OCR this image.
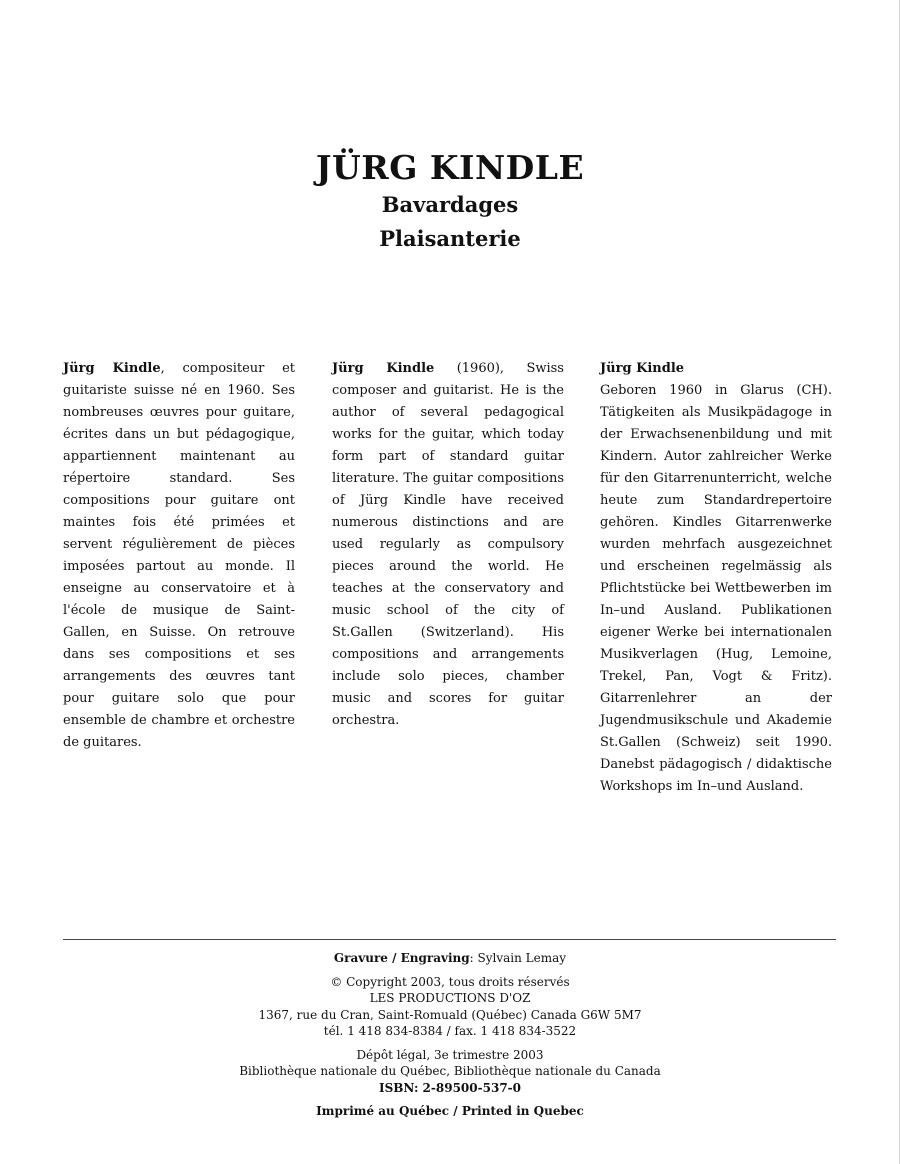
JÜRG KINDLE
Bavardages
Plaisanterie
Jürg Kindle, compositeur et guitariste suisse né en 1960. Ses nombreuses œuvres pour guitare, écrites dans un but pédagogique, appartiennent maintenant au répertoire standard. Ses compositions pour guitare ont maintes fois été primées et servent régulièrement de pièces imposées partout au monde. Il enseigne au conservatoire et à l'école de musique de Saint-Gallen, en Suisse. On retrouve dans ses compositions et ses arrangements des œuvres tant pour guitare solo que pour ensemble de chambre et orchestre de guitares.
Jürg Kindle (1960), Swiss composer and guitarist. He is the author of several pedagogical works for the guitar, which today form part of standard guitar literature. The guitar compositions of Jürg Kindle have received numerous distinctions and are used regularly as compulsory pieces around the world. He teaches at the conservatory and music school of the city of St.Gallen (Switzerland). His compositions and arrangements include solo pieces, chamber music and scores for guitar orchestra.
Jürg Kindle
Geboren 1960 in Glarus (CH). Tätigkeiten als Musikpädagoge in der Erwachsenenbildung und mit Kindern. Autor zahlreicher Werke für den Gitarrenunterricht, welche heute zum Standardrepertoire gehören. Kindles Gitarrenwerke wurden mehrfach ausgezeichnet und erscheinen regelmässig als Pflichtstücke bei Wettbewerben im In–und Ausland. Publikationen eigener Werke bei internationalen Musikverlagen (Hug, Lemoine, Trekel, Pan, Vogt & Fritz). Gitarrenlehrer an der Jugendmusikschule und Akademie St.Gallen (Schweiz) seit 1990. Danebst pädagogisch / didaktische Workshops im In–und Ausland.
Gravure / Engraving: Sylvain Lemay
© Copyright 2003, tous droits réservés
LES PRODUCTIONS D'OZ
1367, rue du Cran, Saint-Romuald (Québec) Canada G6W 5M7
tél. 1 418 834-8384 / fax. 1 418 834-3522
Dépôt légal, 3e trimestre 2003
Bibliothèque nationale du Québec, Bibliothèque nationale du Canada
ISBN: 2-89500-537-0
Imprimé au Québec / Printed in Quebec
